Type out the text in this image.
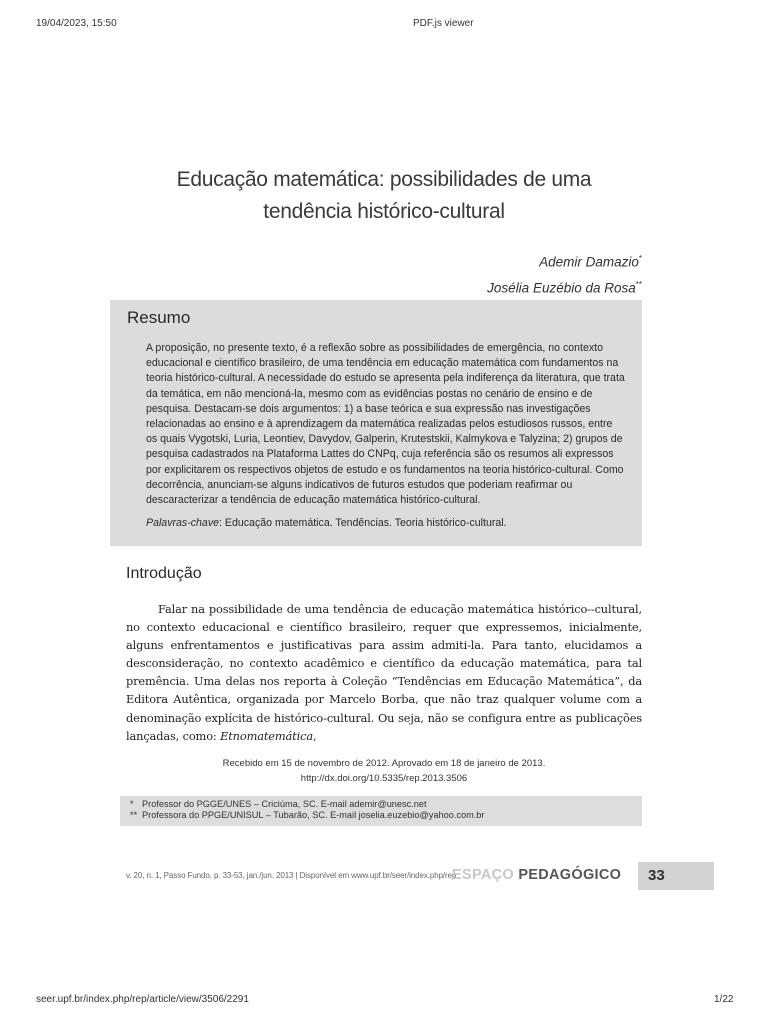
19/04/2023, 15:50	PDF.js viewer
Educação matemática: possibilidades de uma
tendência histórico-cultural
Ademir Damazio*
Josélia Euzébio da Rosa**
Resumo
A proposição, no presente texto, é a reflexão sobre as possibilidades de emergência, no contexto educacional e científico brasileiro, de uma tendência em educação matemática com fundamentos na teoria histórico-cultural. A necessidade do estudo se apresenta pela indiferença da literatura, que trata da temática, em não mencioná-la, mesmo com as evidências postas no cenário de ensino e de pesquisa. Destacam-se dois argumentos: 1) a base teórica e sua expressão nas investigações relacionadas ao ensino e à aprendizagem da matemática realizadas pelos estudiosos russos, entre os quais Vygotski, Luria, Leontiev, Davydov, Galperin, Krutestskii, Kalmykova e Talyzina; 2) grupos de pesquisa cadastrados na Plataforma Lattes do CNPq, cuja referência são os resumos ali expressos por explicitarem os respectivos objetos de estudo e os fundamentos na teoria histórico-cultural. Como decorrência, anunciam-se alguns indicativos de futuros estudos que poderiam reafirmar ou descaracterizar a tendência de educação matemática histórico-cultural.
Palavras-chave: Educação matemática. Tendências. Teoria histórico-cultural.
Introdução
Falar na possibilidade de uma tendência de educação matemática histórico--cultural, no contexto educacional e científico brasileiro, requer que expressemos, inicialmente, alguns enfrentamentos e justificativas para assim admiti-la. Para tanto, elucidamos a desconsideração, no contexto acadêmico e científico da educação matemática, para tal premência. Uma delas nos reporta à Coleção “Tendências em Educação Matemática”, da Editora Autêntica, organizada por Marcelo Borba, que não traz qualquer volume com a denominação explícita de histórico-cultural. Ou seja, não se configura entre as publicações lançadas, como: Etnomatemática,
Recebido em 15 de novembro de 2012. Aprovado em 18 de janeiro de 2013.
http://dx.doi.org/10.5335/rep.2013.3506
* Professor do PGGE/UNES – Criciúma, SC. E-mail ademir@unesc.net
** Professora do PPGE/UNISUL – Tubarão, SC. E-mail joselia.euzebio@yahoo.com.br
v. 20, n. 1, Passo Fundo, p. 33-53, jan./jun. 2013 | Disponível em www.upf.br/seer/index.php/rep
ESPAÇO PEDAGÓGICO	33
seer.upf.br/index.php/rep/article/view/3506/2291	1/22
